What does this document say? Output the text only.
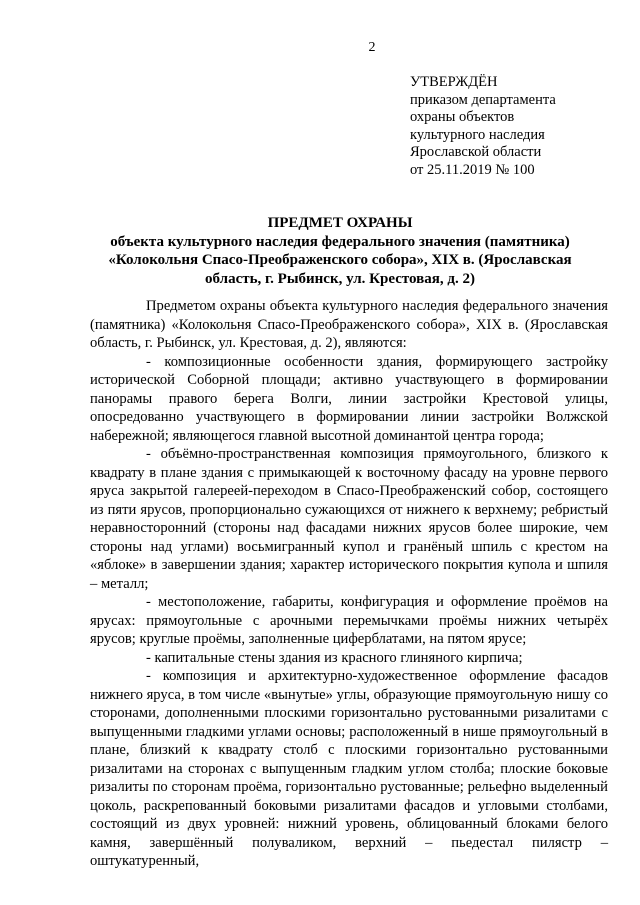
2
УТВЕРЖДЁН
приказом департамента
охраны объектов
культурного наследия
Ярославской области
от 25.11.2019 № 100
ПРЕДМЕТ ОХРАНЫ
объекта культурного наследия федерального значения (памятника)
«Колокольня Спасо-Преображенского собора», XIX в. (Ярославская
область, г. Рыбинск, ул. Крестовая, д. 2)

Предметом охраны объекта культурного наследия федерального значения (памятника) «Колокольня Спасо-Преображенского собора», XIX в. (Ярославская область, г. Рыбинск, ул. Крестовая, д. 2), являются:

- композиционные особенности здания, формирующего застройку исторической Соборной площади; активно участвующего в формировании панорамы правого берега Волги, линии застройки Крестовой улицы, опосредованно участвующего в формировании линии застройки Волжской набережной; являющегося главной высотной доминантой центра города;

- объёмно-пространственная композиция прямоугольного, близкого к квадрату в плане здания с примыкающей к восточному фасаду на уровне первого яруса закрытой галереей-переходом в Спасо-Преображенский собор, состоящего из пяти ярусов, пропорционально сужающихся от нижнего к верхнему; ребристый неравносторонний (стороны над фасадами нижних ярусов более широкие, чем стороны над углами) восьмигранный купол и гранёный шпиль с крестом на «яблоке» в завершении здания; характер исторического покрытия купола и шпиля – металл;

- местоположение, габариты, конфигурация и оформление проёмов на ярусах: прямоугольные с арочными перемычками проёмы нижних четырёх ярусов; круглые проёмы, заполненные циферблатами, на пятом ярусе;

- капитальные стены здания из красного глиняного кирпича;

- композиция и архитектурно-художественное оформление фасадов нижнего яруса, в том числе «вынутые» углы, образующие прямоугольную нишу со сторонами, дополненными плоскими горизонтально рустованными ризалитами с выпущенными гладкими углами основы; расположенный в нише прямоугольный в плане, близкий к квадрату столб с плоскими горизонтально рустованными ризалитами на сторонах с выпущенным гладким углом столба; плоские боковые ризалиты по сторонам проёма, горизонтально рустованные; рельефно выделенный цоколь, раскрепованный боковыми ризалитами фасадов и угловыми столбами, состоящий из двух уровней: нижний уровень, облицованный блоками белого камня, завершённый полуваликом, верхний – пьедестал пилястр – оштукатуренный,
